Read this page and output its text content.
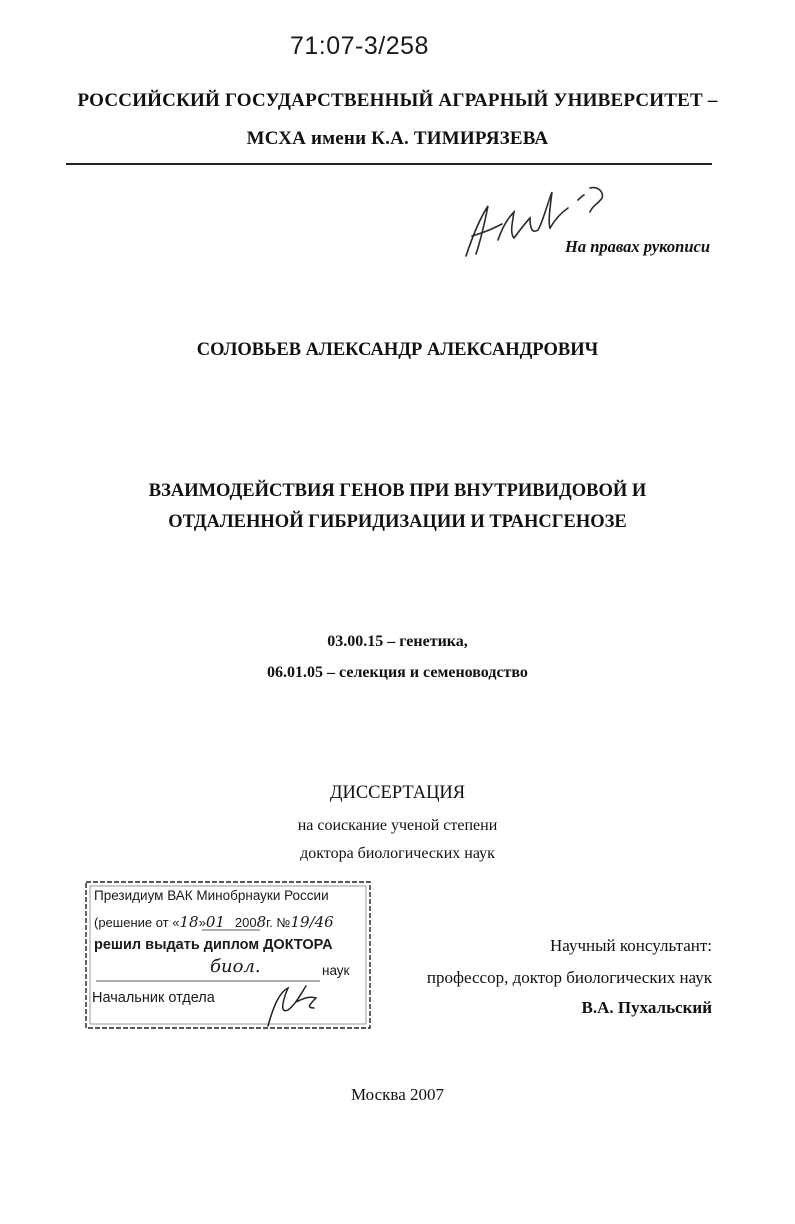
71:07-3/258
РОССИЙСКИЙ ГОСУДАРСТВЕННЫЙ АГРАРНЫЙ УНИВЕРСИТЕТ –
МСХА имени К.А. ТИМИРЯЗЕВА
На правах рукописи
СОЛОВЬЕВ АЛЕКСАНДР АЛЕКСАНДРОВИЧ
ВЗАИМОДЕЙСТВИЯ ГЕНОВ ПРИ ВНУТРИВИДОВОЙ И
ОТДАЛЕННОЙ ГИБРИДИЗАЦИИ И ТРАНСГЕНОЗЕ
03.00.15 – генетика,
06.01.05 – селекция и семеноводство
ДИССЕРТАЦИЯ
на соискание ученой степени
доктора биологических наук
Президиум ВАК Минобрнауки России
(решение от «18»01 2008г. №19/46
решил выдать диплом ДОКТОРА
биол.	наук
Начальник отдела
Научный консультант:
профессор, доктор биологических наук
В.А. Пухальский
Москва 2007
